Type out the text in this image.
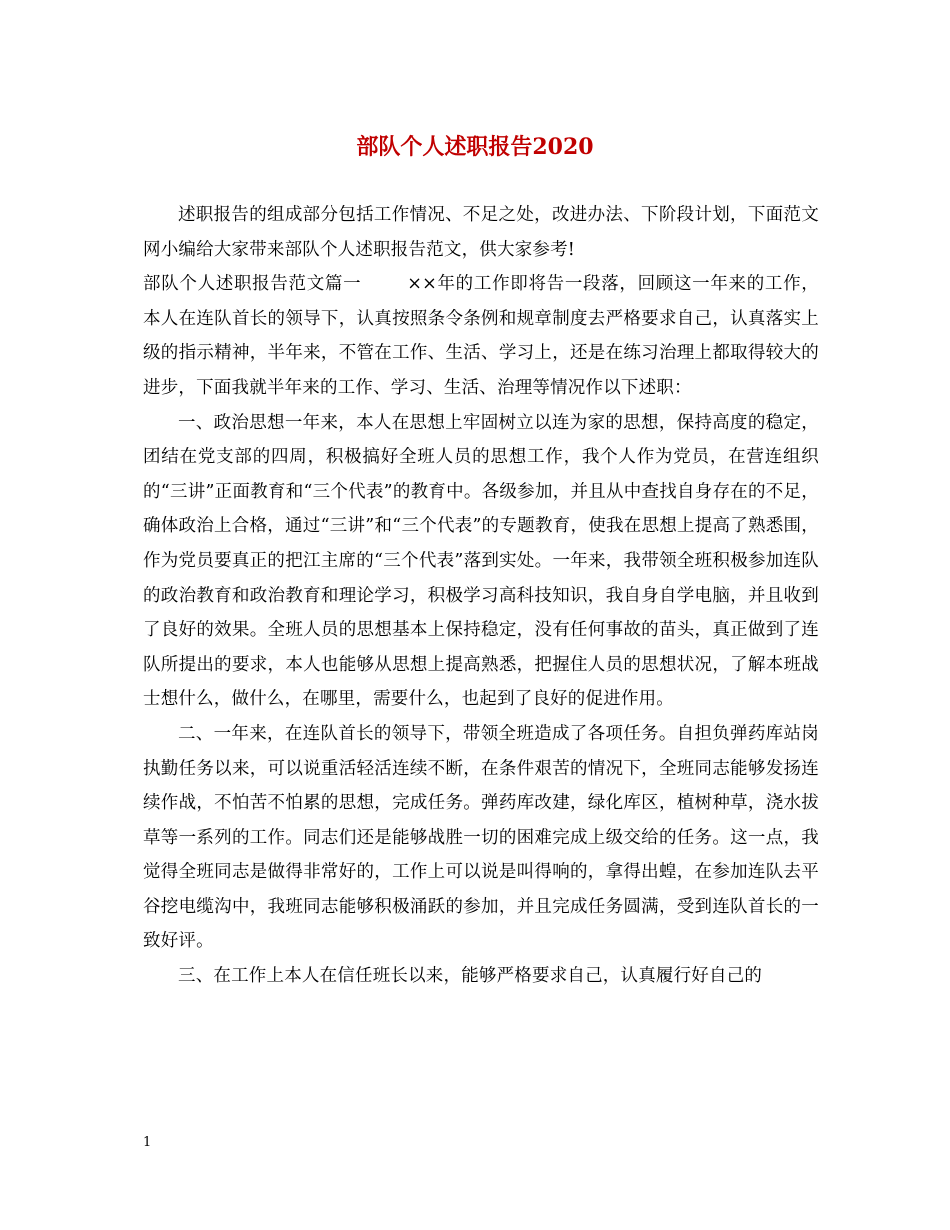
部队个人述职报告2020

述职报告的组成部分包括工作情况、不足之处，改进办法、下阶段计划，下面范文网小编给大家带来部队个人述职报告范文，供大家参考!

部队个人述职报告范文篇一	××年的工作即将告一段落，回顾这一年来的工作，本人在连队首长的领导下，认真按照条令条例和规章制度去严格要求自己，认真落实上级的指示精神，半年来，不管在工作、生活、学习上，还是在练习治理上都取得较大的进步，下面我就半年来的工作、学习、生活、治理等情况作以下述职：

一、政治思想一年来，本人在思想上牢固树立以连为家的思想，保持高度的稳定，团结在党支部的四周，积极搞好全班人员的思想工作，我个人作为党员，在营连组织的“三讲”正面教育和“三个代表”的教育中。各级参加，并且从中查找自身存在的不足，确体政治上合格，通过“三讲”和“三个代表”的专题教育，使我在思想上提高了熟悉围，作为党员要真正的把江主席的“三个代表”落到实处。一年来，我带领全班积极参加连队的政治教育和政治教育和理论学习，积极学习高科技知识，我自身自学电脑，并且收到了良好的效果。全班人员的思想基本上保持稳定，没有任何事故的苗头，真正做到了连队所提出的要求，本人也能够从思想上提高熟悉，把握住人员的思想状况，了解本班战士想什么，做什么，在哪里，需要什么，也起到了良好的促进作用。

二、一年来，在连队首长的领导下，带领全班造成了各项任务。自担负弹药库站岗执勤任务以来，可以说重活轻活连续不断，在条件艰苦的情况下，全班同志能够发扬连续作战，不怕苦不怕累的思想，完成任务。弹药库改建，绿化库区，植树种草，浇水拔草等一系列的工作。同志们还是能够战胜一切的困难完成上级交给的任务。这一点，我觉得全班同志是做得非常好的，工作上可以说是叫得响的，拿得出蝗，在参加连队去平谷挖电缆沟中，我班同志能够积极涌跃的参加，并且完成任务圆满，受到连队首长的一致好评。

三、在工作上本人在信任班长以来，能够严格要求自己，认真履行好自己的

1
